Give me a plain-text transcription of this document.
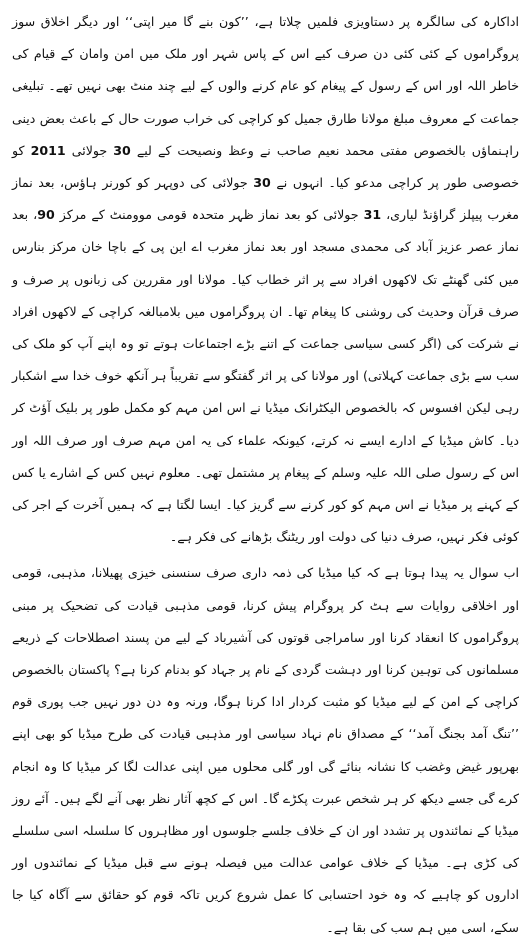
اداکارہ کی سالگرہ پر دستاویزی فلمیں چلاتا ہے، ’’کون بنے گا میر اپتی‘‘ اور دیگر اخلاق سوز پروگراموں کے کئی کئی دن صرف کیے اس کے پاس شہر اور ملک میں امن وامان کے قیام کی خاطر اللہ اور اس کے رسول کے پیغام کو عام کرنے والوں کے لیے چند منٹ بھی نہیں تھے۔ تبلیغی جماعت کے معروف مبلغ مولانا طارق جمیل کو کراچی کی خراب صورت حال کے باعث بعض دینی راہنماؤں بالخصوص مفتی محمد نعیم صاحب نے وعظ ونصیحت کے لیے 30 جولائی 2011 کو خصوصی طور پر کراچی مدعو کیا۔ انہوں نے 30 جولائی کی دوپہر کو کورنر ہاؤس، بعد نماز مغرب پیپلز گراؤنڈ لیاری، 31 جولائی کو بعد نماز ظہر متحدہ قومی موومنٹ کے مرکز 90، بعد نماز عصر عزیز آباد کی محمدی مسجد اور بعد نماز مغرب اے این پی کے باچا خان مرکز بنارس میں کئی گھنٹے تک لاکھوں افراد سے پر اثر خطاب کیا۔ مولانا اور مقررین کی زبانوں پر صرف و صرف قرآن وحدیث کی روشنی کا پیغام تھا۔ ان پروگراموں میں بلامبالغہ کراچی کے لاکھوں افراد نے شرکت کی (اگر کسی سیاسی جماعت کے اتنے بڑے اجتماعات ہوتے تو وہ اپنے آپ کو ملک کی سب سے بڑی جماعت کہلاتی) اور مولانا کی پر اثر گفتگو سے تقریباً ہر آنکھ خوف خدا سے اشکبار رہی لیکن افسوس کہ بالخصوص الیکٹرانک میڈیا نے اس امن مہم کو مکمل طور پر بلیک آؤٹ کر دیا۔ کاش میڈیا کے ادارے ایسے نہ کرتے، کیونکہ علماء کی یہ امن مہم صرف اور صرف اللہ اور اس کے رسول صلی اللہ علیہ وسلم کے پیغام پر مشتمل تھی۔ معلوم نہیں کس کے اشارے یا کس کے کہنے پر میڈیا نے اس مہم کو کور کرنے سے گریز کیا۔ ایسا لگتا ہے کہ ہمیں آخرت کے اجر کی کوئی فکر نہیں، صرف دنیا کی دولت اور ریٹنگ بڑھانے کی فکر ہے۔

اب سوال یہ پیدا ہوتا ہے کہ کیا میڈیا کی ذمہ داری صرف سنسنی خیزی پھیلانا، مذہبی، قومی اور اخلاقی روایات سے ہٹ کر پروگرام پیش کرنا، قومی مذہبی قیادت کی تضحیک پر مبنی پروگراموں کا انعقاد کرنا اور سامراجی قوتوں کی آشیرباد کے لیے من پسند اصطلاحات کے ذریعے مسلمانوں کی توہین کرنا اور دہشت گردی کے نام پر جہاد کو بدنام کرنا ہے؟ پاکستان بالخصوص کراچی کے امن کے لیے میڈیا کو مثبت کردار ادا کرنا ہوگا، ورنہ وہ دن دور نہیں جب پوری قوم ’’تنگ آمد بجنگ آمد‘‘ کے مصداق نام نہاد سیاسی اور مذہبی قیادت کی طرح میڈیا کو بھی اپنے بھرپور غیض وغضب کا نشانہ بنائے گی اور گلی محلوں میں اپنی عدالت لگا کر میڈیا کا وہ انجام کرے گی جسے دیکھ کر ہر شخص عبرت پکڑے گا۔ اس کے کچھ آثار نظر بھی آنے لگے ہیں۔ آئے روز میڈیا کے نمائندوں پر تشدد اور ان کے خلاف جلسے جلوسوں اور مظاہروں کا سلسلہ اسی سلسلے کی کڑی ہے۔ میڈیا کے خلاف عوامی عدالت میں فیصلہ ہونے سے قبل میڈیا کے نمائندوں اور اداروں کو چاہیے کہ وہ خود احتسابی کا عمل شروع کریں تاکہ قوم کو حقائق سے آگاہ کیا جا سکے، اسی میں ہم سب کی بقا ہے۔
